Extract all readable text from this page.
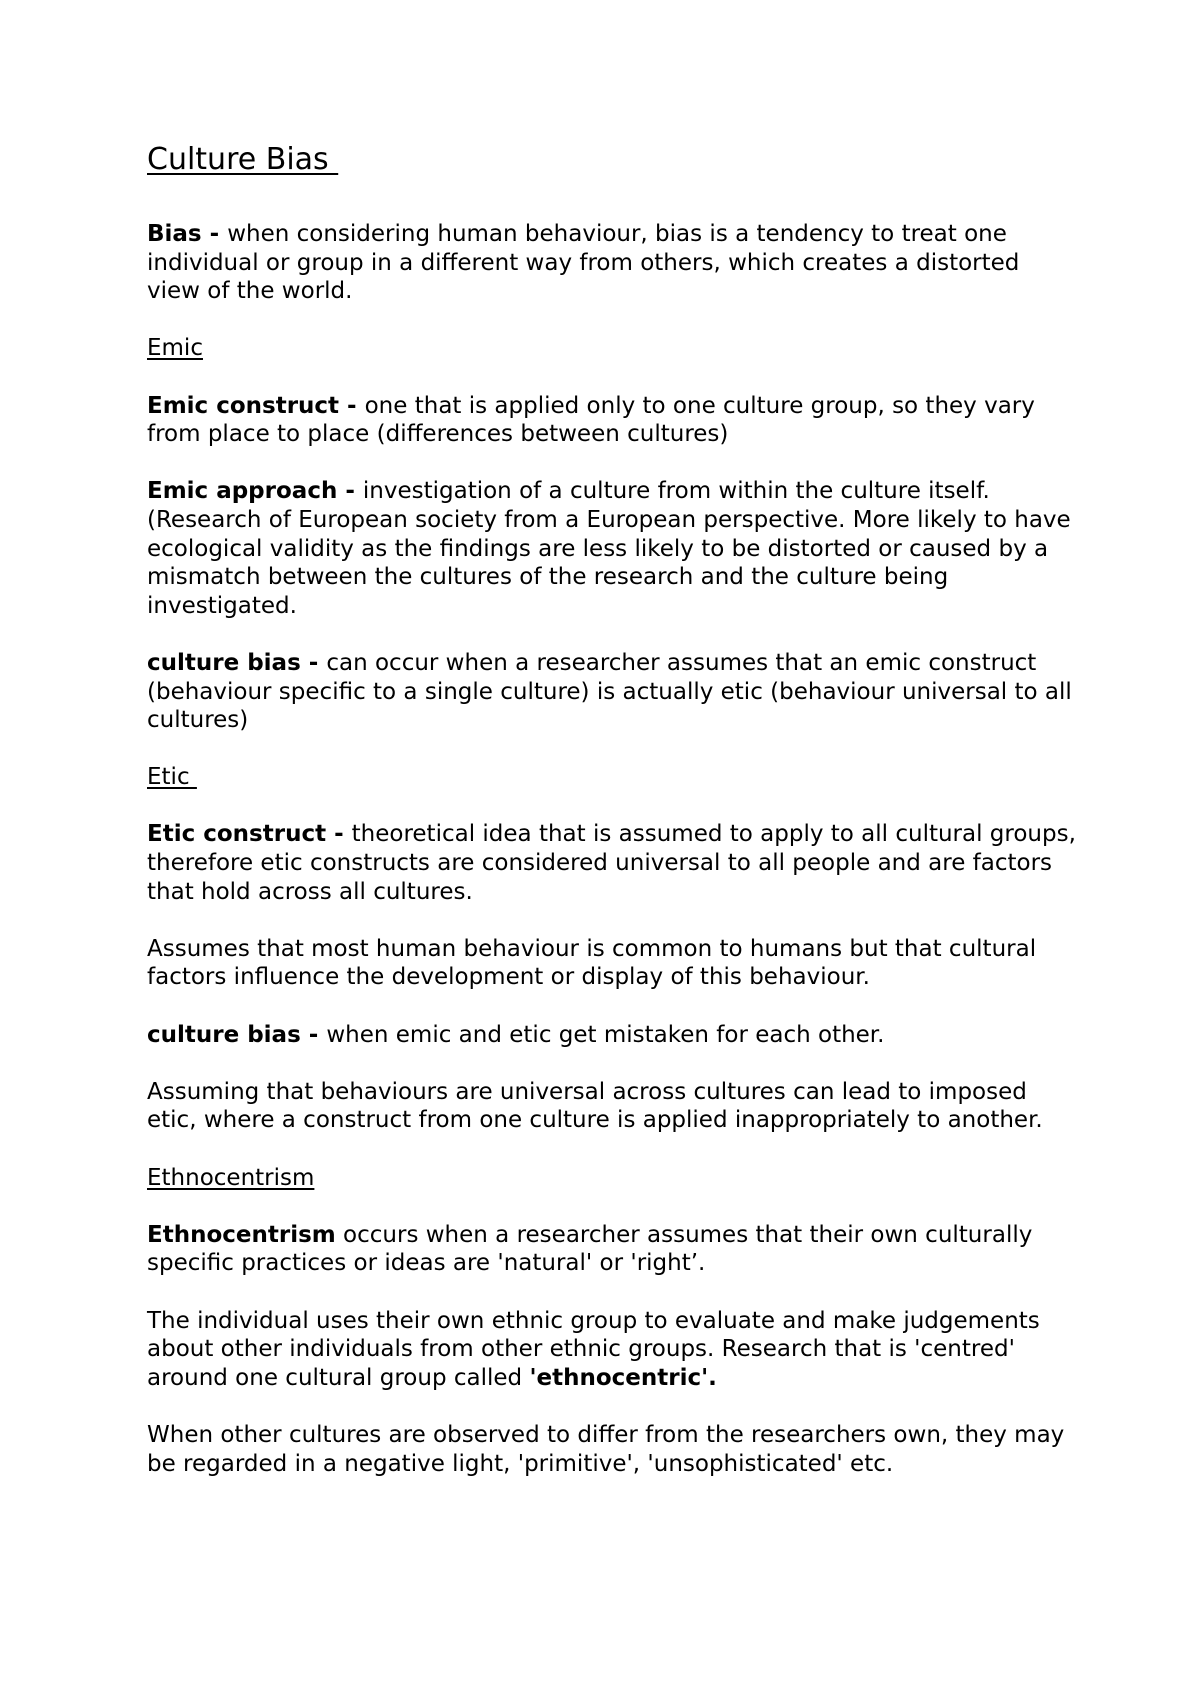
Culture Bias

Bias - when considering human behaviour, bias is a tendency to treat one individual or group in a different way from others, which creates a distorted view of the world.

Emic

Emic construct - one that is applied only to one culture group, so they vary from place to place (differences between cultures)

Emic approach - investigation of a culture from within the culture itself. (Research of European society from a European perspective. More likely to have ecological validity as the findings are less likely to be distorted or caused by a mismatch between the cultures of the research and the culture being investigated.

culture bias - can occur when a researcher assumes that an emic construct (behaviour specific to a single culture) is actually etic (behaviour universal to all cultures)

Etic

Etic construct - theoretical idea that is assumed to apply to all cultural groups, therefore etic constructs are considered universal to all people and are factors that hold across all cultures.

Assumes that most human behaviour is common to humans but that cultural factors influence the development or display of this behaviour.

culture bias - when emic and etic get mistaken for each other.

Assuming that behaviours are universal across cultures can lead to imposed etic, where a construct from one culture is applied inappropriately to another.

Ethnocentrism

Ethnocentrism occurs when a researcher assumes that their own culturally specific practices or ideas are 'natural' or 'right’.

The individual uses their own ethnic group to evaluate and make judgements about other individuals from other ethnic groups. Research that is 'centred' around one cultural group called 'ethnocentric'.

When other cultures are observed to differ from the researchers own, they may be regarded in a negative light, 'primitive', 'unsophisticated' etc.
